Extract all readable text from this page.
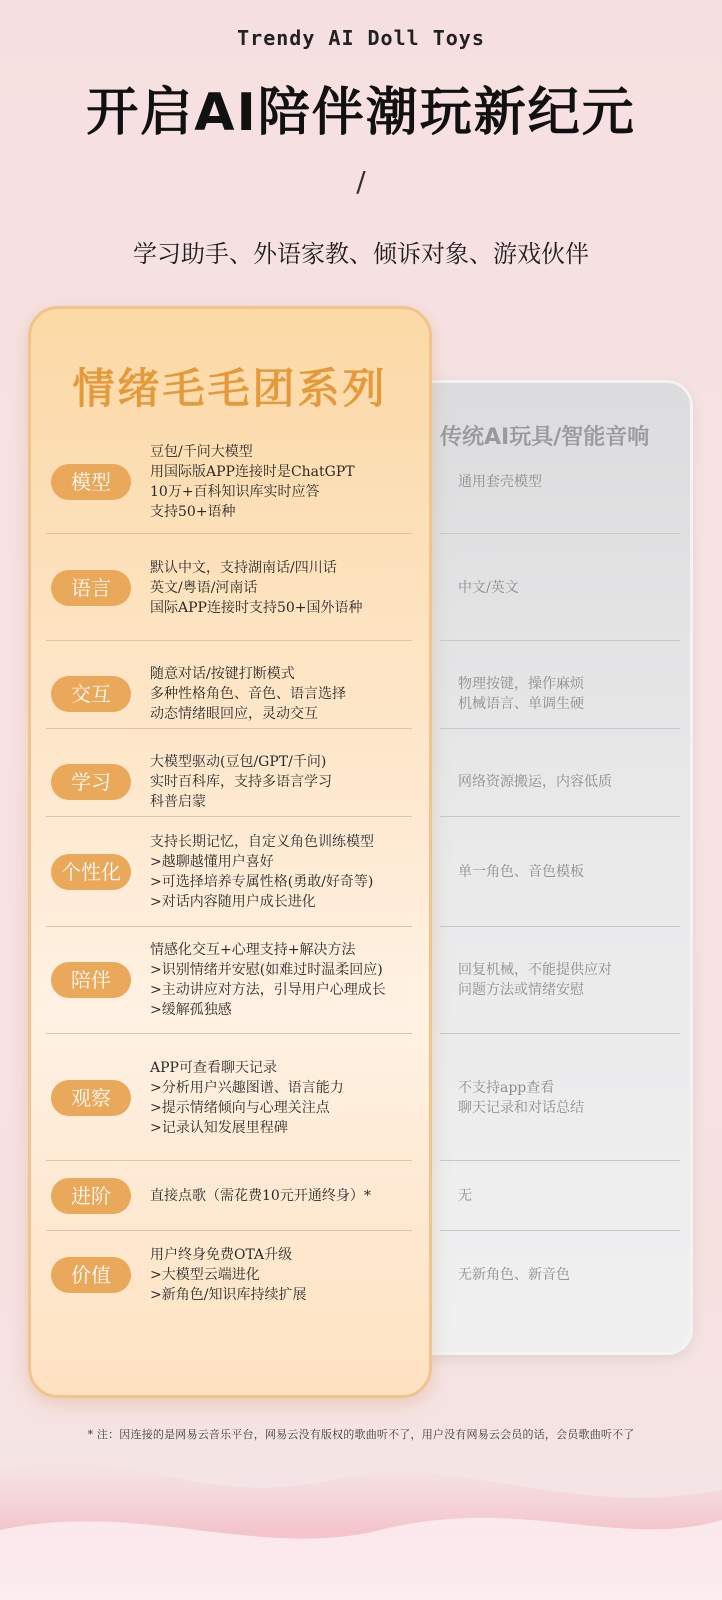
Trendy AI Doll Toys
开启AI陪伴潮玩新纪元
/
学习助手、外语家教、倾诉对象、游戏伙伴
情绪毛毛团系列
传统AI玩具/智能音响
模型
豆包/千问大模型
用国际版APP连接时是ChatGPT
10万+百科知识库实时应答
支持50+语种
通用套壳模型
语言
默认中文，支持湖南话/四川话
英文/粤语/河南话
国际APP连接时支持50+国外语种
中文/英文
交互
随意对话/按键打断模式
多种性格角色、音色、语言选择
动态情绪眼回应，灵动交互
物理按键，操作麻烦
机械语言、单调生硬
学习
大模型驱动(豆包/GPT/千问)
实时百科库，支持多语言学习
科普启蒙
网络资源搬运，内容低质
个性化
支持长期记忆，自定义角色训练模型
>越聊越懂用户喜好
>可选择培养专属性格(勇敢/好奇等)
>对话内容随用户成长进化
单一角色、音色模板
陪伴
情感化交互+心理支持+解决方法
>识别情绪并安慰(如难过时温柔回应)
>主动讲应对方法，引导用户心理成长
>缓解孤独感
回复机械，不能提供应对
问题方法或情绪安慰
观察
APP可查看聊天记录
>分析用户兴趣图谱、语言能力
>提示情绪倾向与心理关注点
>记录认知发展里程碑
不支持app查看
聊天记录和对话总结
进阶	直接点歌（需花费10元开通终身）*	无
价值
用户终身免费OTA升级
>大模型云端进化
>新角色/知识库持续扩展
无新角色、新音色
* 注：因连接的是网易云音乐平台，网易云没有版权的歌曲听不了，用户没有网易云会员的话，会员歌曲听不了
